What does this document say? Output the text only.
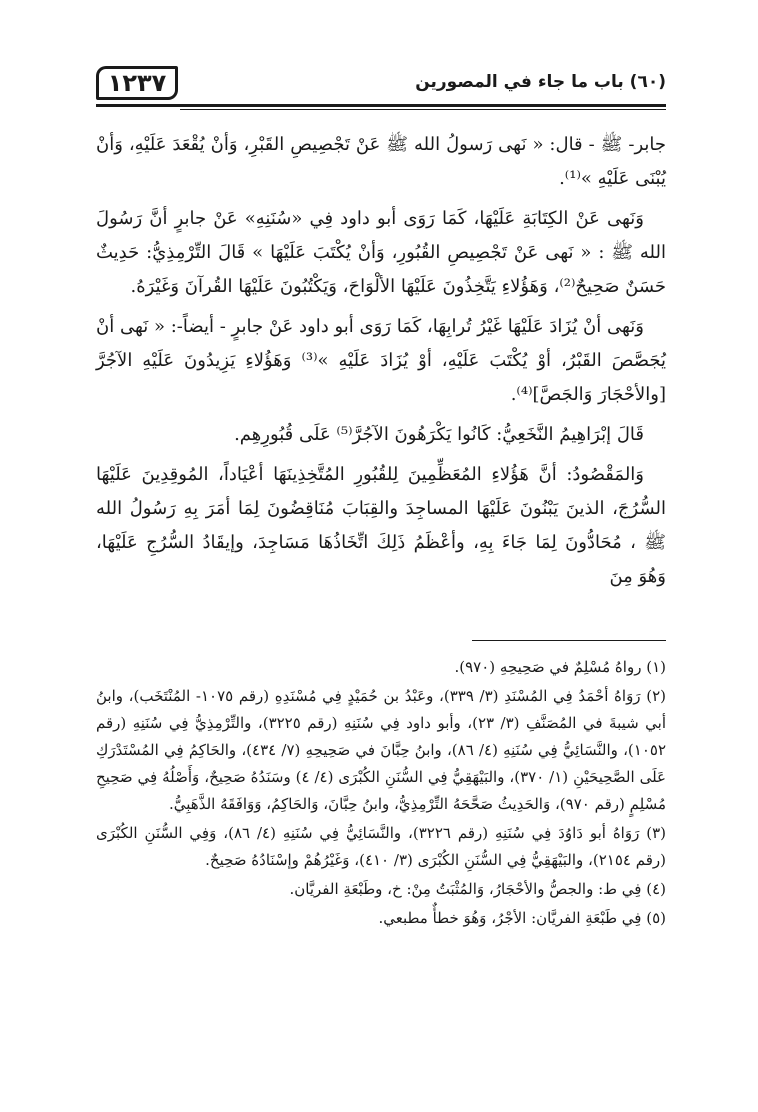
(٦٠) باب ما جاء في المصورين
١٢٣٧

جابر- ﷺ - قال: « نَهى رَسولُ الله ﷺ عَنْ تَجْصِيصِ القَبْرِ، وَأنْ يُقْعَدَ عَلَيْهِ، وَأنْ يُبْنَى عَلَيْهِ »⁽¹⁾.

وَنَهى عَنْ الكِتَابَةِ عَلَيْهَا، كَمَا رَوَى أبو داود فِي «سُنَنِهِ» عَنْ جابرٍ أنَّ رَسُولَ الله ﷺ : « نَهى عَنْ تَجْصِيصِ القُبُورِ، وَأنْ يُكْتَبَ عَلَيْهَا » قَالَ التِّرْمِذِيُّ: حَدِيثٌ حَسَنٌ صَحِيحٌ⁽²⁾، وَهَؤُلاءِ يَتَّخِذُونَ عَلَيْهَا الألْوَاحَ، وَيَكْتُبُونَ عَلَيْهَا القُرآنَ وَغَيْرَهُ.

وَنَهى أنْ يُزَادَ عَلَيْهَا غَيْرُ تُرابِهَا، كَمَا رَوَى أبو داود عَنْ جابرٍ - أيضاً-: « نَهى أنْ يُجَصَّصَ القَبْرُ، أوْ يُكْتَبَ عَلَيْهِ، أوْ يُزَادَ عَلَيْهِ »⁽³⁾ وَهَؤُلاءِ يَزِيدُونَ عَلَيْهِ الآجُرَّ [والأحْجَارَ وَالجَصَّ]⁽⁴⁾.

قَالَ إبْرَاهِيمُ النَّخَعِيُّ: كَانُوا يَكْرَهُونَ الآجُرَّ⁽⁵⁾ عَلَى قُبُورِهِم.

وَالمَقْصُودُ: أنَّ هَؤُلاءِ المُعَظِّمِينَ لِلقُبُورِ المُتَّخِذِينَهَا أعْيَاداً، المُوقِدِينَ عَلَيْهَا السُّرُجَ، الذينَ يَبْنُونَ عَلَيْهَا المساجِدَ والقِبَابَ مُنَاقِضُونَ لِمَا أمَرَ بِهِ رَسُولُ الله ﷺ ، مُحَادُّونَ لِمَا جَاءَ بِهِ، وأعْظَمُ ذَلِكَ اتِّخَاذُهَا مَسَاجِدَ، وإيقَادُ السُّرُجِ عَلَيْهَا، وَهُوَ مِنَ

(١) رواهُ مُسْلِمٌ في صَحِيحِهِ (٩٧٠).

(٢) رَوَاهُ أحْمَدُ فِي المُسْنَدِ (٣/ ٣٣٩)، وعَبْدُ بن حُمَيْدٍ فِي مُسْنَدِهِ (رقم ١٠٧٥- المُنْتَخَب)، وابنُ أبي شيبةَ في المُصَنَّفِ (٣/ ٢٣)، وأبو داود فِي سُنَنِهِ (رقم ٣٢٢٥)، والتِّرْمِذِيُّ فِي سُنَنِهِ (رقم ١٠٥٢)، والنَّسَائِيُّ فِي سُنَنِهِ (٤/ ٨٦)، وابنُ حِبَّانَ في صَحِيحِهِ (٧/ ٤٣٤)، والحَاكِمُ فِي المُسْتَدْرَكِ عَلَى الصَّحِيحَيْنِ (١/ ٣٧٠)، والبَيْهَقِيُّ فِي السُّنَنِ الكُبْرَى (٤/ ٤) وسَنَدُهُ صَحِيحٌ، وَأَصْلُهُ فِي صَحِيحِ مُسْلِمٍ (رقم ٩٧٠)، وَالحَدِيثُ صَحَّحَهُ التِّرْمِذِيُّ، وابنُ حِبَّانَ، وَالحَاكِمُ، وَوَافَقَهُ الذَّهَبِيُّ.

(٣) رَوَاهُ أبو دَاوُدَ فِي سُنَنِهِ (رقم ٣٢٢٦)، والنَّسَائِيُّ فِي سُنَنِهِ (٤/ ٨٦)، وَفِي السُّنَنِ الكُبْرَى (رقم ٢١٥٤)، والبَيْهَقِيُّ فِي السُّنَنِ الكُبْرَى (٣/ ٤١٠)، وَغَيْرُهُمْ وإسْنَادُهُ صَحِيحٌ.

(٤) فِي ط: والجصُّ والأحْجَارُ، وَالمُثْبَتُ مِنْ: خ، وطَبْعَةِ الفريَّان.

(٥) فِي طَبْعَةِ الفريَّان: الأجْرُ، وَهُوَ خطأٌ مطبعي.
